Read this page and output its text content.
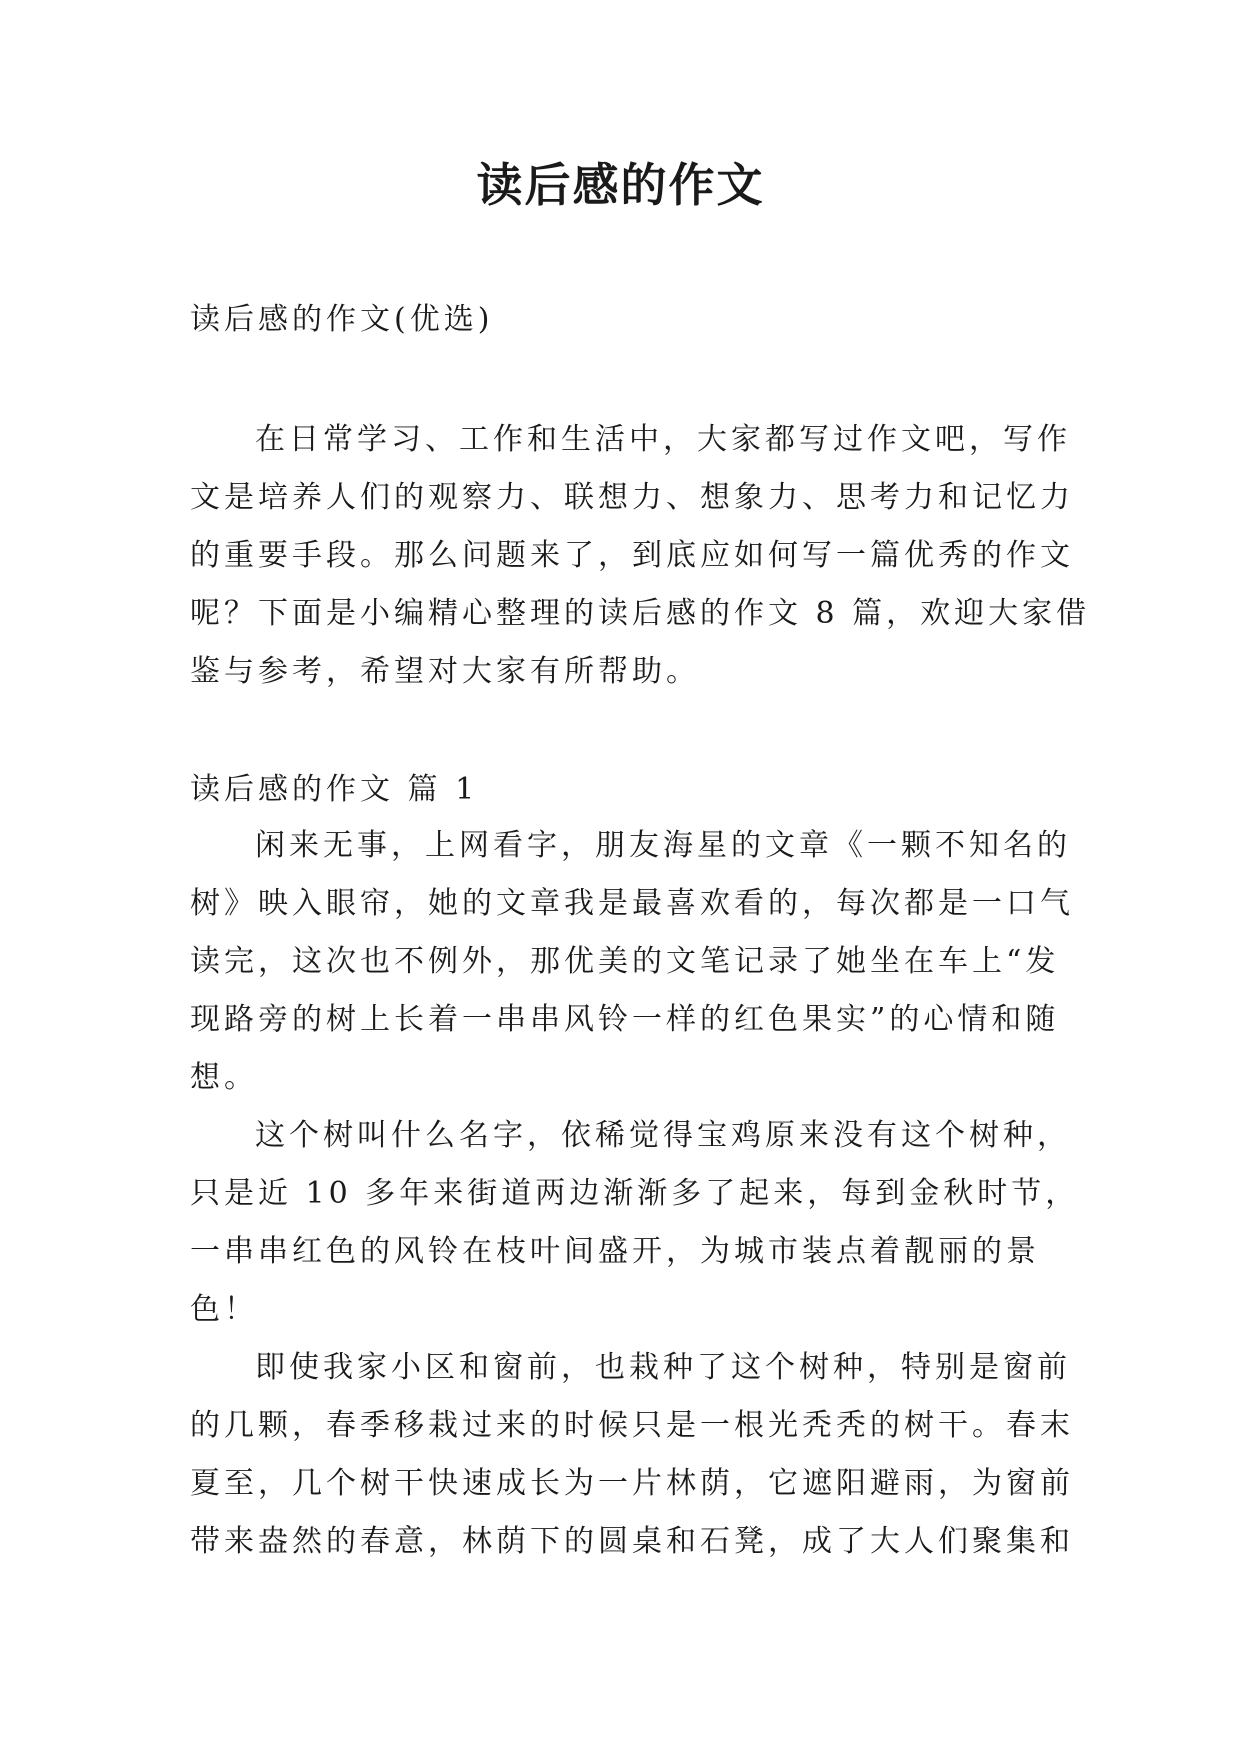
读后感的作文
读后感的作文(优选)
在日常学习、工作和生活中，大家都写过作文吧，写作
文是培养人们的观察力、联想力、想象力、思考力和记忆力
的重要手段。那么问题来了，到底应如何写一篇优秀的作文
呢？下面是小编精心整理的读后感的作文 8 篇，欢迎大家借
鉴与参考，希望对大家有所帮助。
读后感的作文 篇 1
闲来无事，上网看字，朋友海星的文章《一颗不知名的
树》映入眼帘，她的文章我是最喜欢看的，每次都是一口气
读完，这次也不例外，那优美的文笔记录了她坐在车上“发
现路旁的树上长着一串串风铃一样的红色果实”的心情和随
想。
这个树叫什么名字，依稀觉得宝鸡原来没有这个树种，
只是近 10 多年来街道两边渐渐多了起来，每到金秋时节，
一串串红色的风铃在枝叶间盛开，为城市装点着靓丽的景
色！
即使我家小区和窗前，也栽种了这个树种，特别是窗前
的几颗，春季移栽过来的时候只是一根光秃秃的树干。春末
夏至，几个树干快速成长为一片林荫，它遮阳避雨，为窗前
带来盎然的春意，林荫下的圆桌和石凳，成了大人们聚集和
